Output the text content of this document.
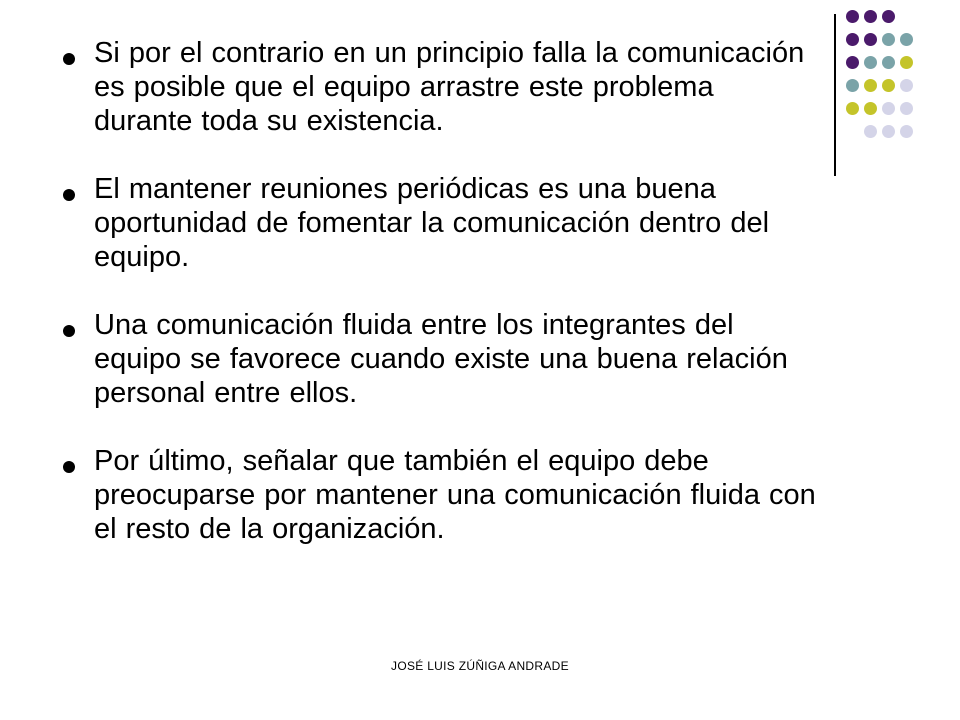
Si por el contrario en un principio falla la comunicación es posible que el equipo arrastre este problema durante toda su existencia.
El mantener reuniones periódicas es una buena oportunidad de fomentar la comunicación dentro del equipo.
Una comunicación fluida entre los integrantes del equipo se favorece cuando existe una buena relación personal entre ellos.
Por último, señalar que también el equipo debe preocuparse por mantener una comunicación fluida con el resto de la organización.
JOSÉ LUIS ZÚÑIGA ANDRADE
